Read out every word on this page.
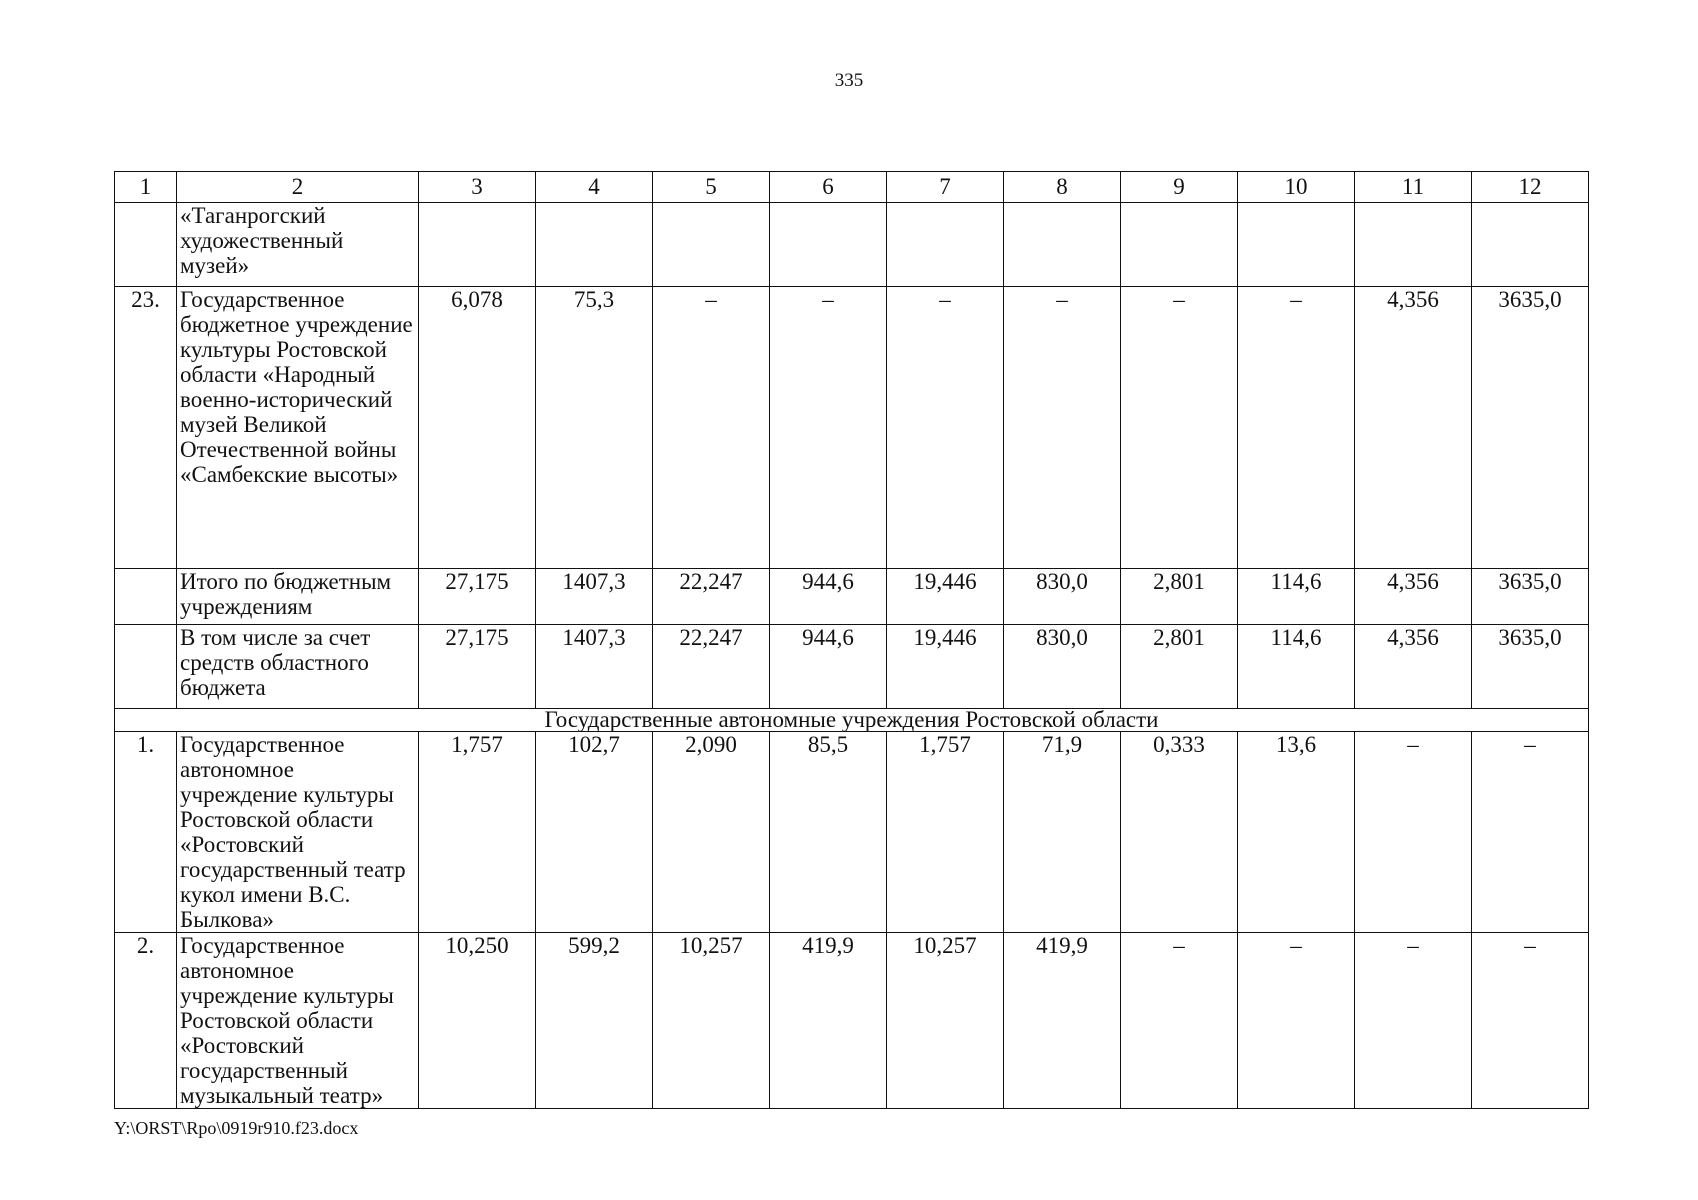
335
1	2	3	4	5	6	7	8	9	10	11	12
	«Таганрогский художественный музей»										
23.	Государственное бюджетное учреждение культуры Ростовской области «Народный военно-исторический музей Великой Отечественной войны «Самбекские высоты»	6,078	75,3	–	–	–	–	–	–	4,356	3635,0
	Итого по бюджетным учреждениям	27,175	1407,3	22,247	944,6	19,446	830,0	2,801	114,6	4,356	3635,0
	В том числе за счет средств областного бюджета	27,175	1407,3	22,247	944,6	19,446	830,0	2,801	114,6	4,356	3635,0
Государственные автономные учреждения Ростовской области											
1.	Государственное автономное учреждение культуры Ростовской области «Ростовский государственный театр кукол имени В.С. Былкова»	1,757	102,7	2,090	85,5	1,757	71,9	0,333	13,6	–	–
2.	Государственное автономное учреждение культуры Ростовской области «Ростовский государственный музыкальный театр»	10,250	599,2	10,257	419,9	10,257	419,9	–	–	–	–
Y:\ORST\Rpo\0919r910.f23.docx
